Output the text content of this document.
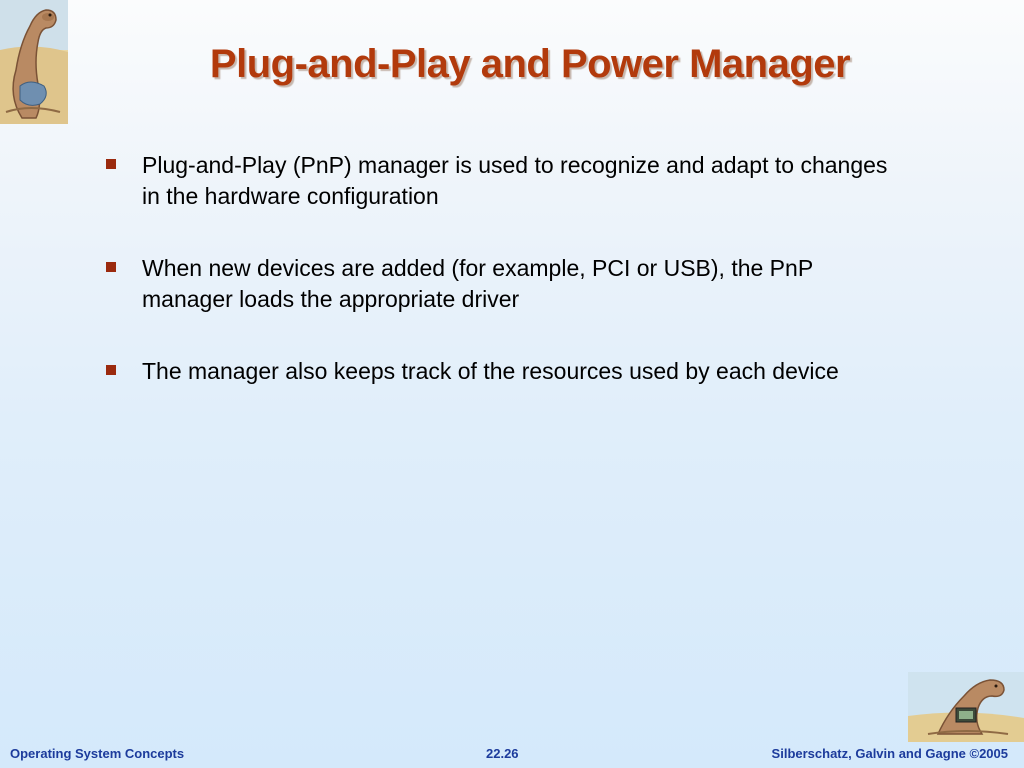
Plug-and-Play and Power Manager
Plug-and-Play (PnP) manager is used to recognize and adapt to changes in the hardware configuration
When new devices are added (for example, PCI or USB), the PnP manager loads the appropriate driver
The manager also keeps track of the resources used by each device
Operating System Concepts	22.26	Silberschatz, Galvin and Gagne ©2005
